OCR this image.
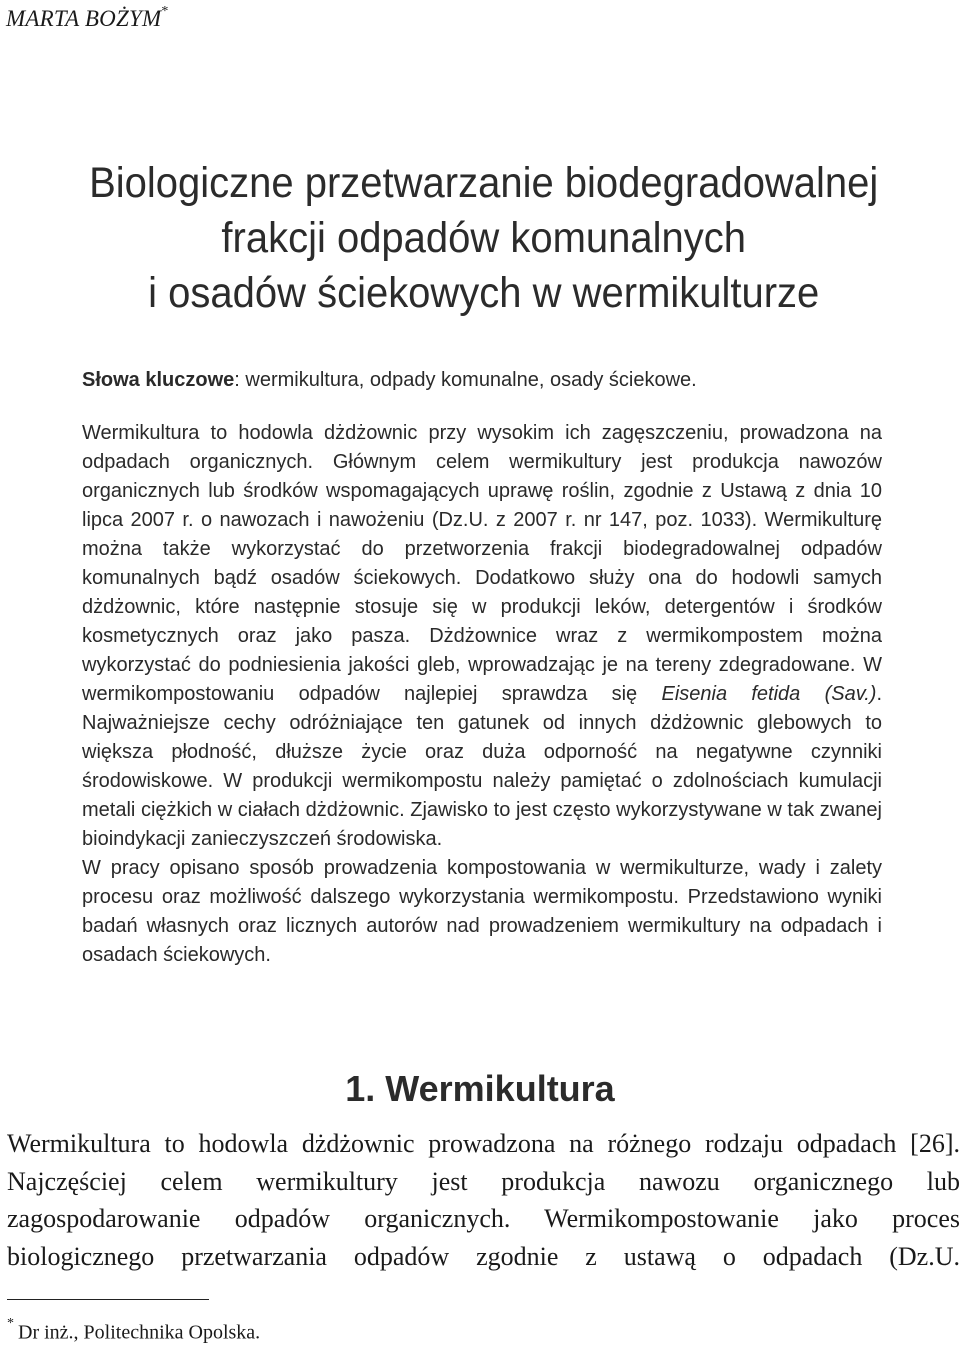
MARTA BOŻYM*
Biologiczne przetwarzanie biodegradowalnej
frakcji odpadów komunalnych
i osadów ściekowych w wermikulturze
Słowa kluczowe: wermikultura, odpady komunalne, osady ściekowe.

Wermikultura to hodowla dżdżownic przy wysokim ich zagęszczeniu, prowadzona na odpadach organicznych. Głównym celem wermikultury jest produkcja nawozów organicznych lub środków wspomagających uprawę roślin, zgodnie z Ustawą z dnia 10 lipca 2007 r. o nawozach i nawożeniu (Dz.U. z 2007 r. nr 147, poz. 1033). Wermikulturę można także wykorzystać do przetworzenia frakcji biodegradowalnej odpadów komunalnych bądź osadów ściekowych. Dodatkowo służy ona do hodowli samych dżdżownic, które następnie stosuje się w produkcji leków, detergentów i środków kosmetycznych oraz jako pasza. Dżdżownice wraz z wermikompostem można wykorzystać do podniesienia jakości gleb, wprowadzając je na tereny zdegradowane. W wermikompostowaniu odpadów najlepiej sprawdza się Eisenia fetida (Sav.). Najważniejsze cechy odróżniające ten gatunek od innych dżdżownic glebowych to większa płodność, dłuższe życie oraz duża odporność na negatywne czynniki środowiskowe. W produkcji wermikompostu należy pamiętać o zdolnościach kumulacji metali ciężkich w ciałach dżdżownic. Zjawisko to jest często wykorzystywane w tak zwanej bioindykacji zanieczyszczeń środowiska.

W pracy opisano sposób prowadzenia kompostowania w wermikulturze, wady i zalety procesu oraz możliwość dalszego wykorzystania wermikompostu. Przedstawiono wyniki badań własnych oraz licznych autorów nad prowadzeniem wermikultury na odpadach i osadach ściekowych.

1. Wermikultura
Wermikultura to hodowla dżdżownic prowadzona na różnego rodzaju odpadach [26]. Najczęściej celem wermikultury jest produkcja nawozu organicznego lub zagospodarowanie odpadów organicznych. Wermikompostowanie jako proces biologicznego przetwarzania odpadów zgodnie z ustawą o odpadach (Dz.U.
* Dr inż., Politechnika Opolska.
